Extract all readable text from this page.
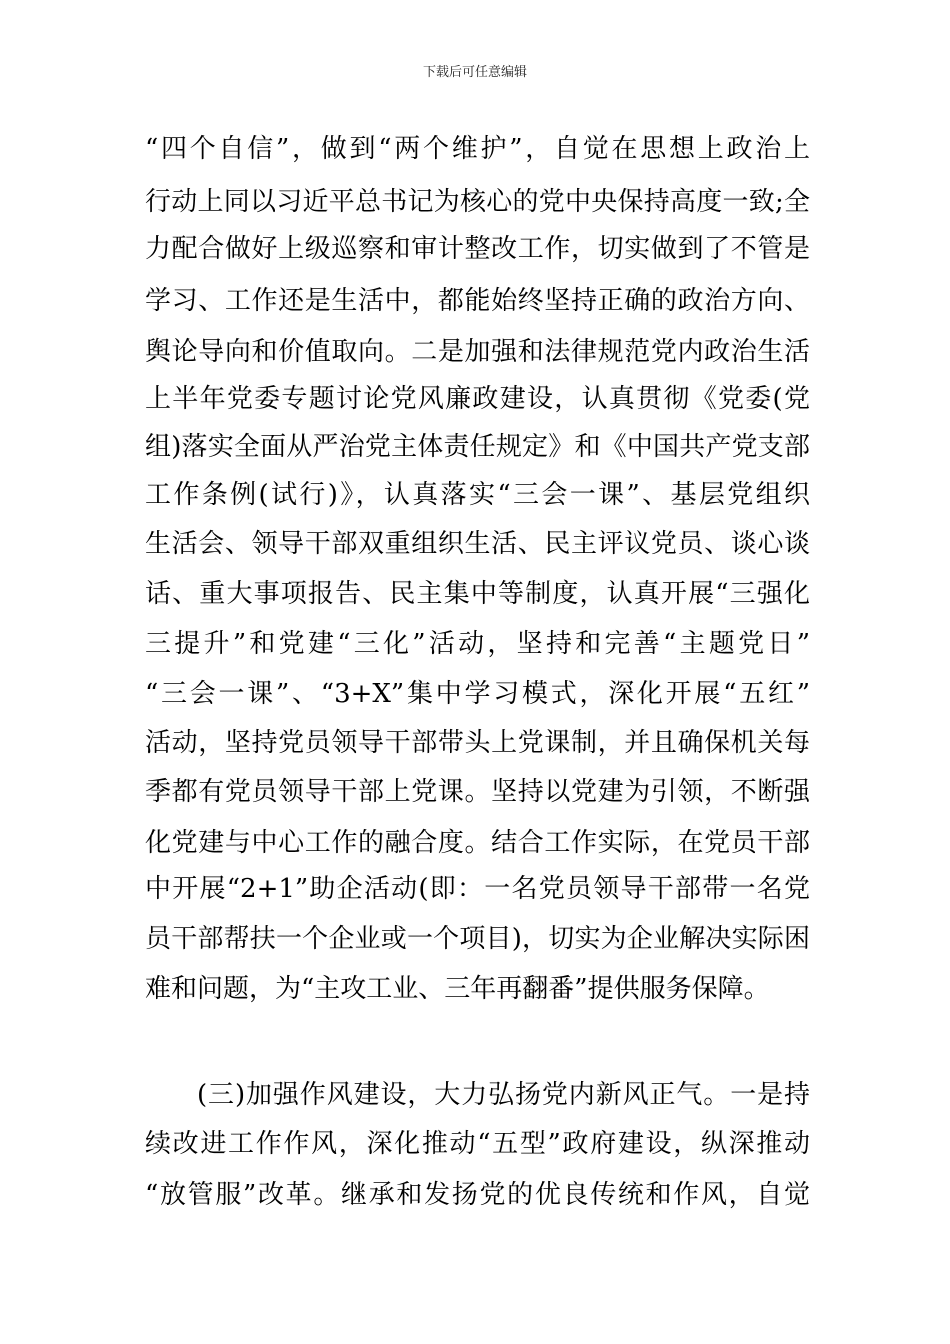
下载后可任意编辑
“四个自信”，做到“两个维护”，自觉在思想上政治上
行动上同以习近平总书记为核心的党中央保持高度一致;全
力配合做好上级巡察和审计整改工作，切实做到了不管是
学习、工作还是生活中，都能始终坚持正确的政治方向、
舆论导向和价值取向。二是加强和法律规范党内政治生活
上半年党委专题讨论党风廉政建设，认真贯彻《党委(党
组)落实全面从严治党主体责任规定》和《中国共产党支部
工作条例(试行)》，认真落实“三会一课”、基层党组织
生活会、领导干部双重组织生活、民主评议党员、谈心谈
话、重大事项报告、民主集中等制度，认真开展“三强化
三提升”和党建“三化”活动，坚持和完善“主题党日”
“三会一课”、“3+X”集中学习模式，深化开展“五红”
活动，坚持党员领导干部带头上党课制，并且确保机关每
季都有党员领导干部上党课。坚持以党建为引领，不断强
化党建与中心工作的融合度。结合工作实际，在党员干部
中开展“2+1”助企活动(即：一名党员领导干部带一名党
员干部帮扶一个企业或一个项目)，切实为企业解决实际困
难和问题，为“主攻工业、三年再翻番”提供服务保障。
(三)加强作风建设，大力弘扬党内新风正气。一是持
续改进工作作风，深化推动“五型”政府建设，纵深推动
“放管服”改革。继承和发扬党的优良传统和作风，自觉
